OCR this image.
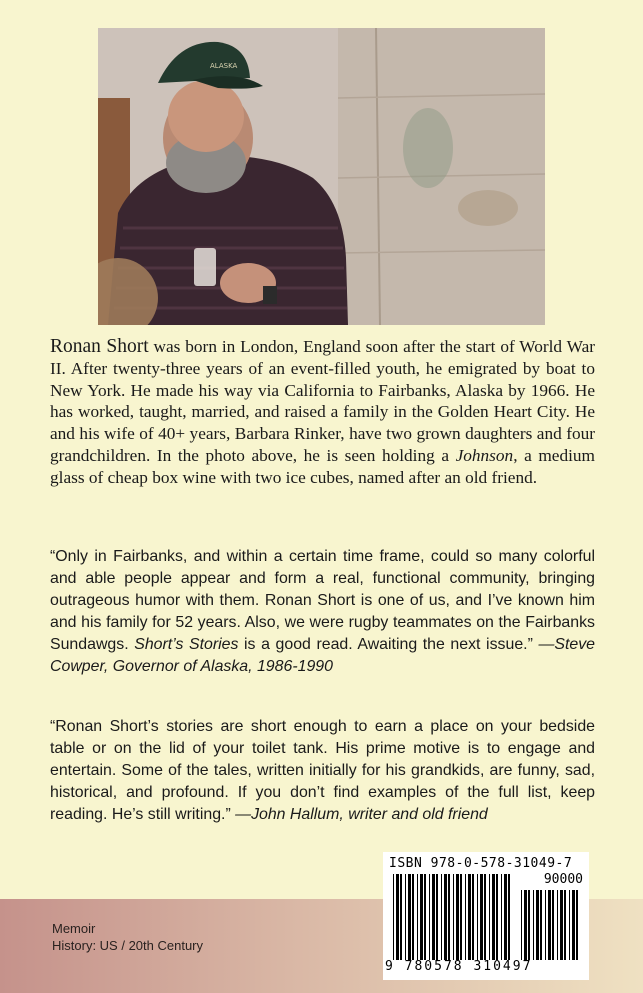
ALASKA
Ronan Short was born in London, England soon after the start of World War II. After twenty-three years of an event-filled youth, he emigrated by boat to New York. He made his way via California to Fairbanks, Alaska by 1966. He has worked, taught, married, and raised a family in the Golden Heart City. He and his wife of 40+ years, Barbara Rinker, have two grown daughters and four grandchildren. In the photo above, he is seen holding a Johnson, a medium glass of cheap box wine with two ice cubes, named after an old friend.
“Only in Fairbanks, and within a certain time frame, could so many colorful and able people appear and form a real, functional community, bringing outrageous humor with them. Ronan Short is one of us, and I’ve known him and his family for 52 years. Also, we were rugby teammates on the Fairbanks Sundawgs. Short’s Stories is a good read. Awaiting the next issue.” —Steve Cowper, Governor of Alaska, 1986-1990
“Ronan Short’s stories are short enough to earn a place on your bedside table or on the lid of your toilet tank. His prime motive is to engage and entertain. Some of the tales, written initially for his grandkids, are funny, sad, historical, and profound. If you don’t find examples of the full list, keep reading. He’s still writing.” —John Hallum, writer and old friend
Memoir
History: US / 20th Century
ISBN 978-0-578-31049-7
90000
9 780578 310497
